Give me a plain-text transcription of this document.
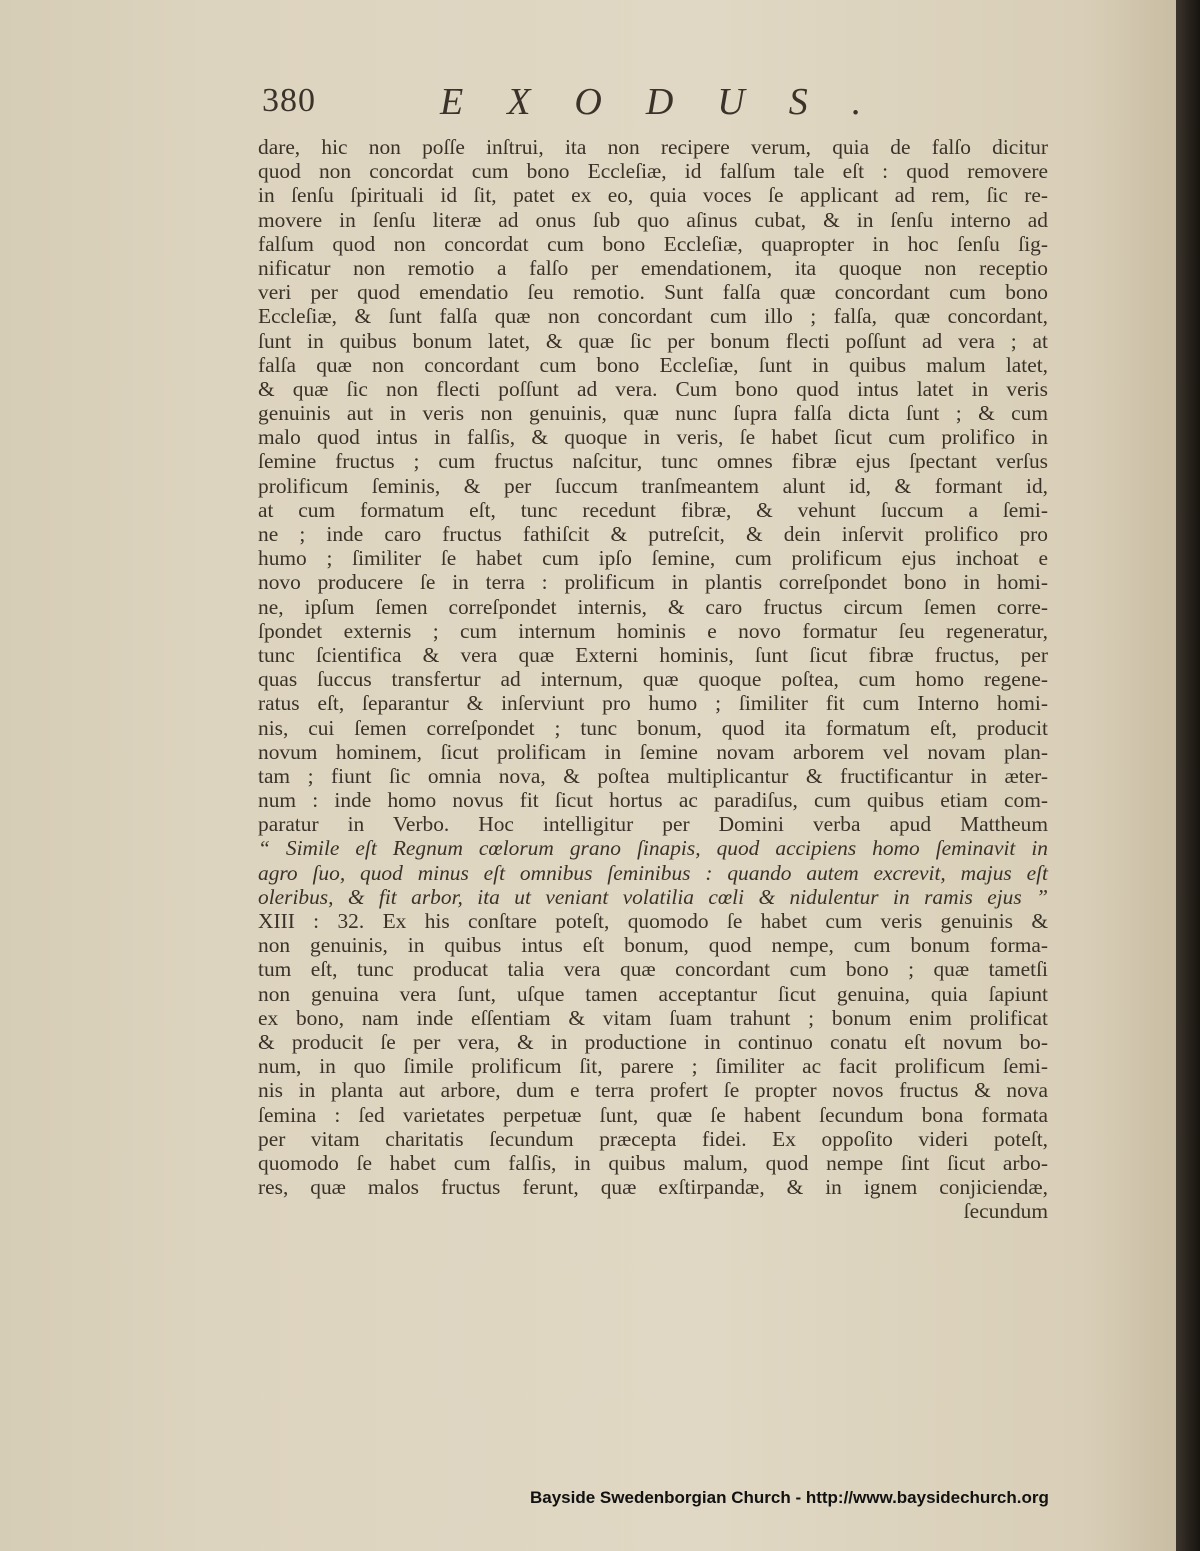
380	EXODUS.
dare, hic non poſſe inſtrui, ita non recipere verum, quia de falſo dicitur
quod non concordat cum bono Eccleſiæ, id falſum tale eſt : quod removere
in ſenſu ſpirituali id ſit, patet ex eo, quia voces ſe applicant ad rem, ſic re-
movere in ſenſu literæ ad onus ſub quo aſinus cubat, & in ſenſu interno ad
falſum quod non concordat cum bono Eccleſiæ, quapropter in hoc ſenſu ſig-
nificatur non remotio a falſo per emendationem, ita quoque non receptio
veri per quod emendatio ſeu remotio. Sunt falſa quæ concordant cum bono
Eccleſiæ, & ſunt falſa quæ non concordant cum illo ; falſa, quæ concordant,
ſunt in quibus bonum latet, & quæ ſic per bonum flecti poſſunt ad vera ; at
falſa quæ non concordant cum bono Eccleſiæ, ſunt in quibus malum latet,
& quæ ſic non flecti poſſunt ad vera. Cum bono quod intus latet in veris
genuinis aut in veris non genuinis, quæ nunc ſupra falſa dicta ſunt ; & cum
malo quod intus in falſis, & quoque in veris, ſe habet ſicut cum prolifico in
ſemine fructus ; cum fructus naſcitur, tunc omnes fibræ ejus ſpectant verſus
prolificum ſeminis, & per ſuccum tranſmeantem alunt id, & formant id,
at cum formatum eſt, tunc recedunt fibræ, & vehunt ſuccum a ſemi-
ne ; inde caro fructus fathiſcit & putreſcit, & dein inſervit prolifico pro
humo ; ſimiliter ſe habet cum ipſo ſemine, cum prolificum ejus inchoat e
novo producere ſe in terra : prolificum in plantis correſpondet bono in homi-
ne, ipſum ſemen correſpondet internis, & caro fructus circum ſemen corre-
ſpondet externis ; cum internum hominis e novo formatur ſeu regeneratur,
tunc ſcientifica & vera quæ Externi hominis, ſunt ſicut fibræ fructus, per
quas ſuccus transfertur ad internum, quæ quoque poſtea, cum homo regene-
ratus eſt, ſeparantur & inſerviunt pro humo ; ſimiliter fit cum Interno homi-
nis, cui ſemen correſpondet ; tunc bonum, quod ita formatum eſt, producit
novum hominem, ſicut prolificam in ſemine novam arborem vel novam plan-
tam ; fiunt ſic omnia nova, & poſtea multiplicantur & fructificantur in æter-
num : inde homo novus fit ſicut hortus ac paradiſus, cum quibus etiam com-
paratur in Verbo. Hoc intelligitur per Domini verba apud Mattheum
“ Simile eſt Regnum cœlorum grano ſinapis, quod accipiens homo ſeminavit in
agro ſuo, quod minus eſt omnibus ſeminibus : quando autem excrevit, majus eſt
oleribus, & fit arbor, ita ut veniant volatilia cœli & nidulentur in ramis ejus ”
XIII : 32. Ex his conſtare poteſt, quomodo ſe habet cum veris genuinis &
non genuinis, in quibus intus eſt bonum, quod nempe, cum bonum forma-
tum eſt, tunc producat talia vera quæ concordant cum bono ; quæ tametſi
non genuina vera ſunt, uſque tamen acceptantur ſicut genuina, quia ſapiunt
ex bono, nam inde eſſentiam & vitam ſuam trahunt ; bonum enim prolificat
& producit ſe per vera, & in productione in continuo conatu eſt novum bo-
num, in quo ſimile prolificum ſit, parere ; ſimiliter ac facit prolificum ſemi-
nis in planta aut arbore, dum e terra profert ſe propter novos fructus & nova
ſemina : ſed varietates perpetuæ ſunt, quæ ſe habent ſecundum bona formata
per vitam charitatis ſecundum præcepta fidei. Ex oppoſito videri poteſt,
quomodo ſe habet cum falſis, in quibus malum, quod nempe ſint ſicut arbo-
res, quæ malos fructus ferunt, quæ exſtirpandæ, & in ignem conjiciendæ,
ſecundum
Bayside Swedenborgian Church - http://www.baysidechurch.org
